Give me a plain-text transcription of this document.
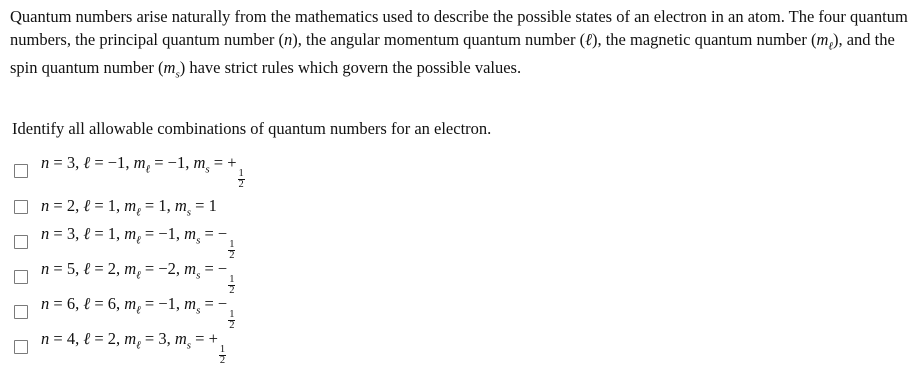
Quantum numbers arise naturally from the mathematics used to describe the possible states of an electron in an atom. The four quantum numbers, the principal quantum number (n), the angular momentum quantum number (ℓ), the magnetic quantum number $(m_\ell)$, and the spin quantum number $(m_s)$ have strict rules which govern the possible values.
Identify all allowable combinations of quantum numbers for an electron.
n = 3, ℓ = −1, $m_\ell = -1$, $m_s$ = +
$\frac{1}{2}$
n = 2, ℓ = 1, $m_\ell = 1$, $m_s = 1$
n = 3, ℓ = 1, $m_\ell = -1$, $m_s$ = −
$\frac{1}{2}$
n = 5, ℓ = 2, $m_\ell = -2$, $m_s$ = −
$\frac{1}{2}$
n = 6, ℓ = 6, $m_\ell = -1$, $m_s$ = −
$\frac{1}{2}$
n = 4, ℓ = 2, $m_\ell = 3$, $m_s$ = +
$\frac{1}{2}$
